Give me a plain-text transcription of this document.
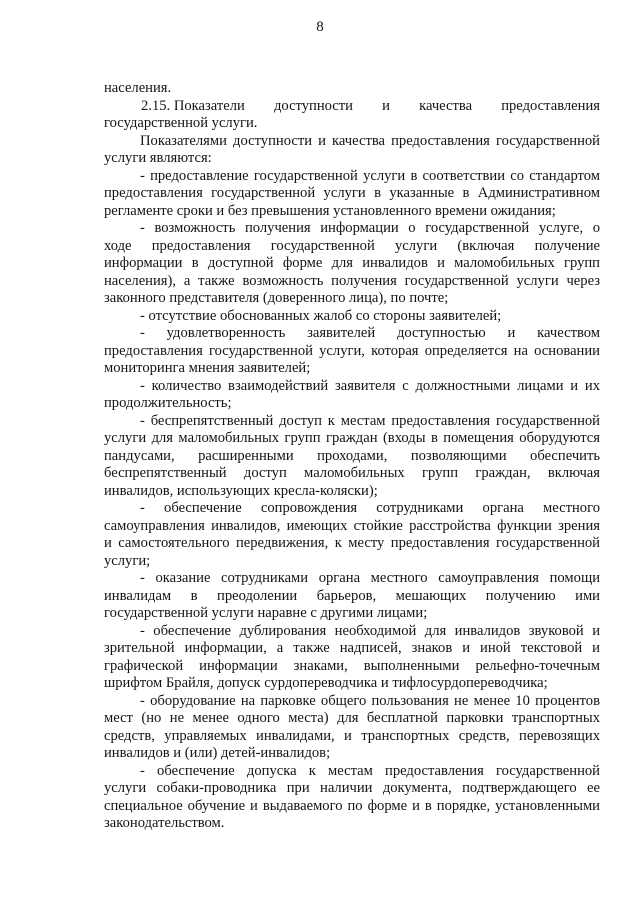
8
населения.
2.15. Показатели доступности и качества предоставления
государственной услуги.
Показателями доступности и качества предоставления государственной
услуги являются:
- предоставление государственной услуги в соответствии со стандартом
предоставления государственной услуги в указанные в Административном
регламенте сроки и без превышения установленного времени ожидания;
- возможность получения информации о государственной услуге, о
ходе предоставления государственной услуги (включая получение
информации в доступной форме для инвалидов и маломобильных групп
населения), а также возможность получения государственной услуги через
законного представителя (доверенного лица), по почте;
- отсутствие обоснованных жалоб со стороны заявителей;
- удовлетворенность заявителей доступностью и качеством
предоставления государственной услуги, которая определяется на основании
мониторинга мнения заявителей;
- количество взаимодействий заявителя с должностными лицами и их
продолжительность;
- беспрепятственный доступ к местам предоставления государственной
услуги для маломобильных групп граждан (входы в помещения оборудуются
пандусами, расширенными проходами, позволяющими обеспечить
беспрепятственный доступ маломобильных групп граждан, включая
инвалидов, использующих кресла-коляски);
- обеспечение сопровождения сотрудниками органа местного
самоуправления инвалидов, имеющих стойкие расстройства функции зрения
и самостоятельного передвижения, к месту предоставления государственной
услуги;
- оказание сотрудниками органа местного самоуправления помощи
инвалидам в преодолении барьеров, мешающих получению ими
государственной услуги наравне с другими лицами;
- обеспечение дублирования необходимой для инвалидов звуковой и
зрительной информации, а также надписей, знаков и иной текстовой и
графической информации знаками, выполненными рельефно-точечным
шрифтом Брайля, допуск сурдопереводчика и тифлосурдопереводчика;
- оборудование на парковке общего пользования не менее 10 процентов
мест (но не менее одного места) для бесплатной парковки транспортных
средств, управляемых инвалидами, и транспортных средств, перевозящих
инвалидов и (или) детей-инвалидов;
- обеспечение допуска к местам предоставления государственной
услуги собаки-проводника при наличии документа, подтверждающего ее
специальное обучение и выдаваемого по форме и в порядке, установленными
законодательством.
